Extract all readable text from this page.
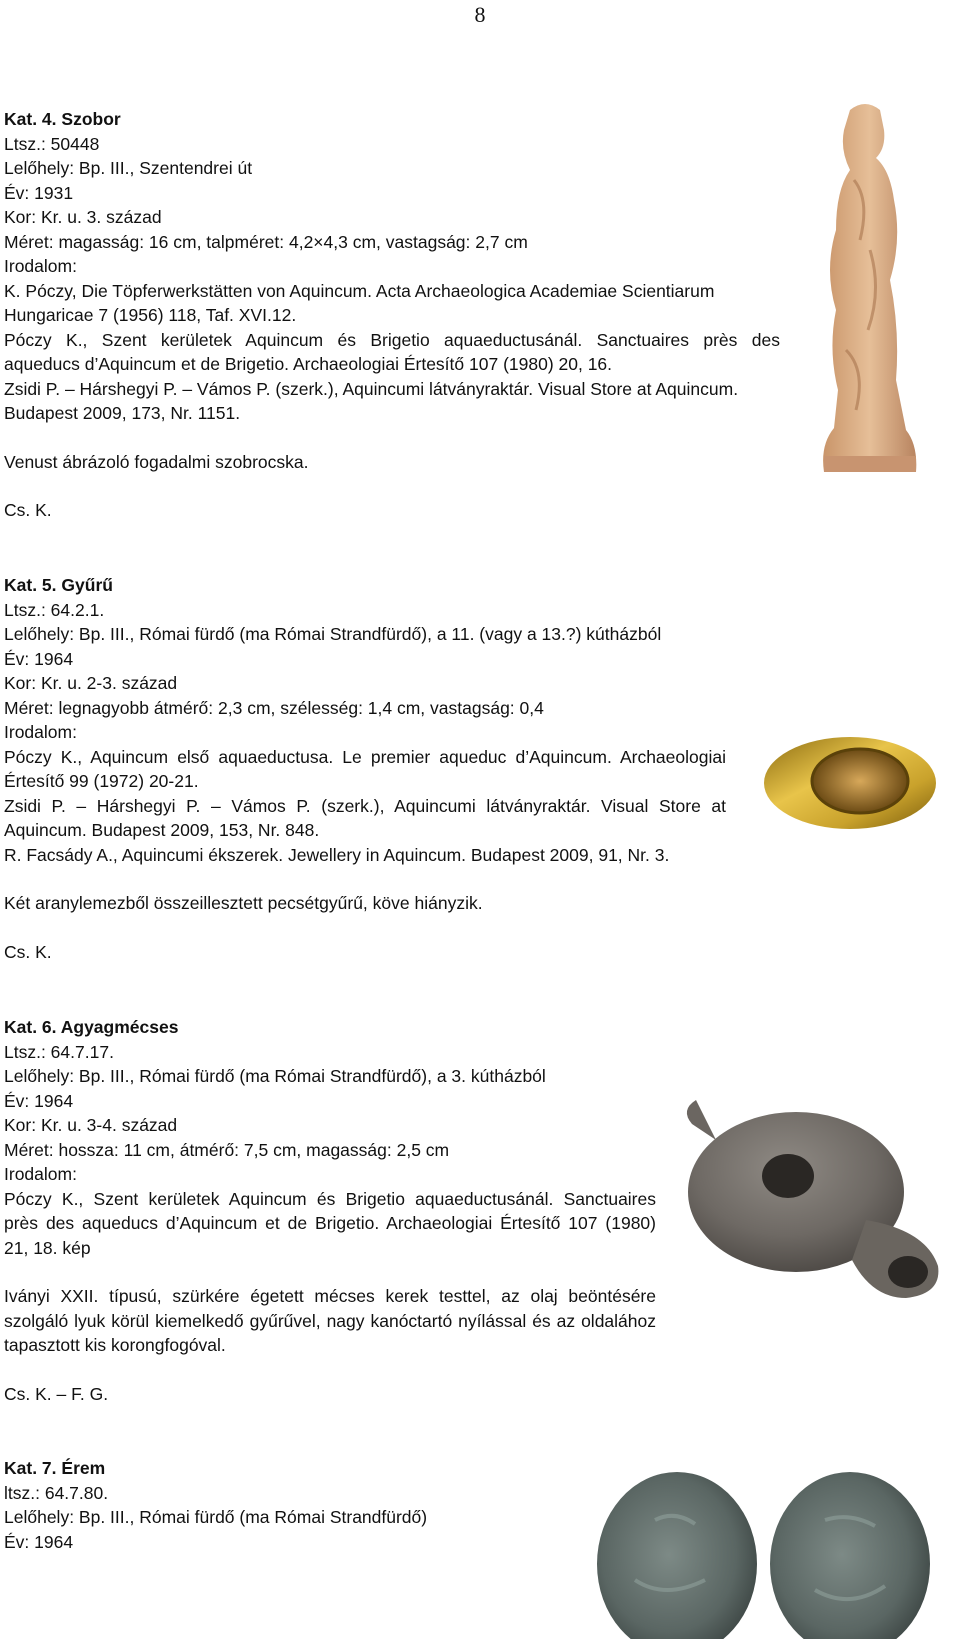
8
Kat. 4. Szobor
Ltsz.: 50448
Lelőhely: Bp. III., Szentendrei út
Év: 1931
Kor: Kr. u. 3. század
Méret: magasság: 16 cm, talpméret: 4,2×4,3 cm, vastagság: 2,7 cm
Irodalom:
K. Póczy, Die Töpferwerkstätten von Aquincum. Acta Archaeologica Academiae Scientiarum
Hungaricae 7 (1956) 118, Taf. XVI.12.
Póczy K., Szent kerületek Aquincum és Brigetio aquaeductusánál. Sanctuaires près des
aqueducs d’Aquincum et de Brigetio. Archaeologiai Értesítő 107 (1980) 20, 16.
Zsidi P. – Hárshegyi P. – Vámos P. (szerk.), Aquincumi látványraktár. Visual Store at Aquincum.
Budapest 2009, 173, Nr. 1151.
Venust ábrázoló fogadalmi szobrocska.
Cs. K.
Kat. 5. Gyűrű
Ltsz.: 64.2.1.
Lelőhely: Bp. III., Római fürdő (ma Római Strandfürdő), a 11. (vagy a 13.?) kútházból
Év: 1964
Kor: Kr. u. 2-3. század
Méret: legnagyobb átmérő: 2,3 cm, szélesség: 1,4 cm, vastagság: 0,4
Irodalom:
Póczy K., Aquincum első aquaeductusa. Le premier aqueduc d’Aquincum. Archaeologiai
Értesítő 99 (1972) 20-21.
Zsidi P. – Hárshegyi P. – Vámos P. (szerk.), Aquincumi látványraktár. Visual Store at
Aquincum. Budapest 2009, 153, Nr. 848.
R. Facsády A., Aquincumi ékszerek. Jewellery in Aquincum. Budapest 2009, 91, Nr. 3.
Két aranylemezből összeillesztett pecsétgyűrű, köve hiányzik.
Cs. K.
Kat. 6. Agyagmécses
Ltsz.: 64.7.17.
Lelőhely: Bp. III., Római fürdő (ma Római Strandfürdő), a 3. kútházból
Év: 1964
Kor: Kr. u. 3-4. század
Méret: hossza: 11 cm, átmérő: 7,5 cm, magasság: 2,5 cm
Irodalom:
Póczy K., Szent kerületek Aquincum és Brigetio aquaeductusánál. Sanctuaires
près des aqueducs d’Aquincum et de Brigetio. Archaeologiai Értesítő 107 (1980)
21, 18. kép
Iványi XXII. típusú, szürkére égetett mécses kerek testtel, az olaj beöntésére
szolgáló lyuk körül kiemelkedő gyűrűvel, nagy kanóctartó nyílással és az oldalához
tapasztott kis korongfogóval.
Cs. K. – F. G.
Kat. 7. Érem
ltsz.: 64.7.80.
Lelőhely: Bp. III., Római fürdő (ma Római Strandfürdő)
Év: 1964
